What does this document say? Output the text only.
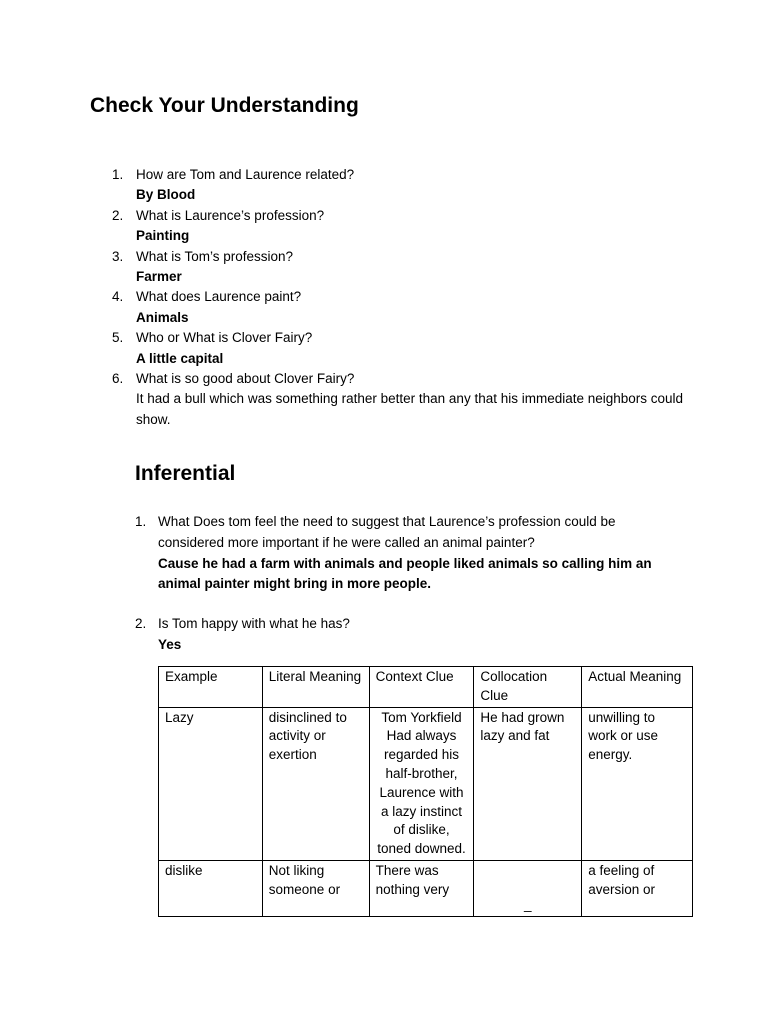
Check Your Understanding
1. How are Tom and Laurence related?
By Blood
2. What is Laurence’s profession?
Painting
3. What is Tom’s profession?
Farmer
4. What does Laurence paint?
Animals
5. Who or What is Clover Fairy?
A little capital
6. What is so good about Clover Fairy?
It had a bull which was something rather better than any that his immediate neighbors could show.
Inferential
1. What Does tom feel the need to suggest that Laurence’s profession could be considered more important if he were called an animal painter?
Cause he had a farm with animals and people liked animals so calling him an animal painter might bring in more people.
2. Is Tom happy with what he has?
Yes
Example	Literal Meaning	Context Clue	Collocation Clue	Actual Meaning
Lazy	disinclined to activity or exertion	Tom Yorkfield Had always regarded his half-brother, Laurence with a lazy instinct of dislike, toned downed.	He had grown lazy and fat	unwilling to work or use energy.
dislike	Not liking someone or	There was nothing very	_	a feeling of aversion or
